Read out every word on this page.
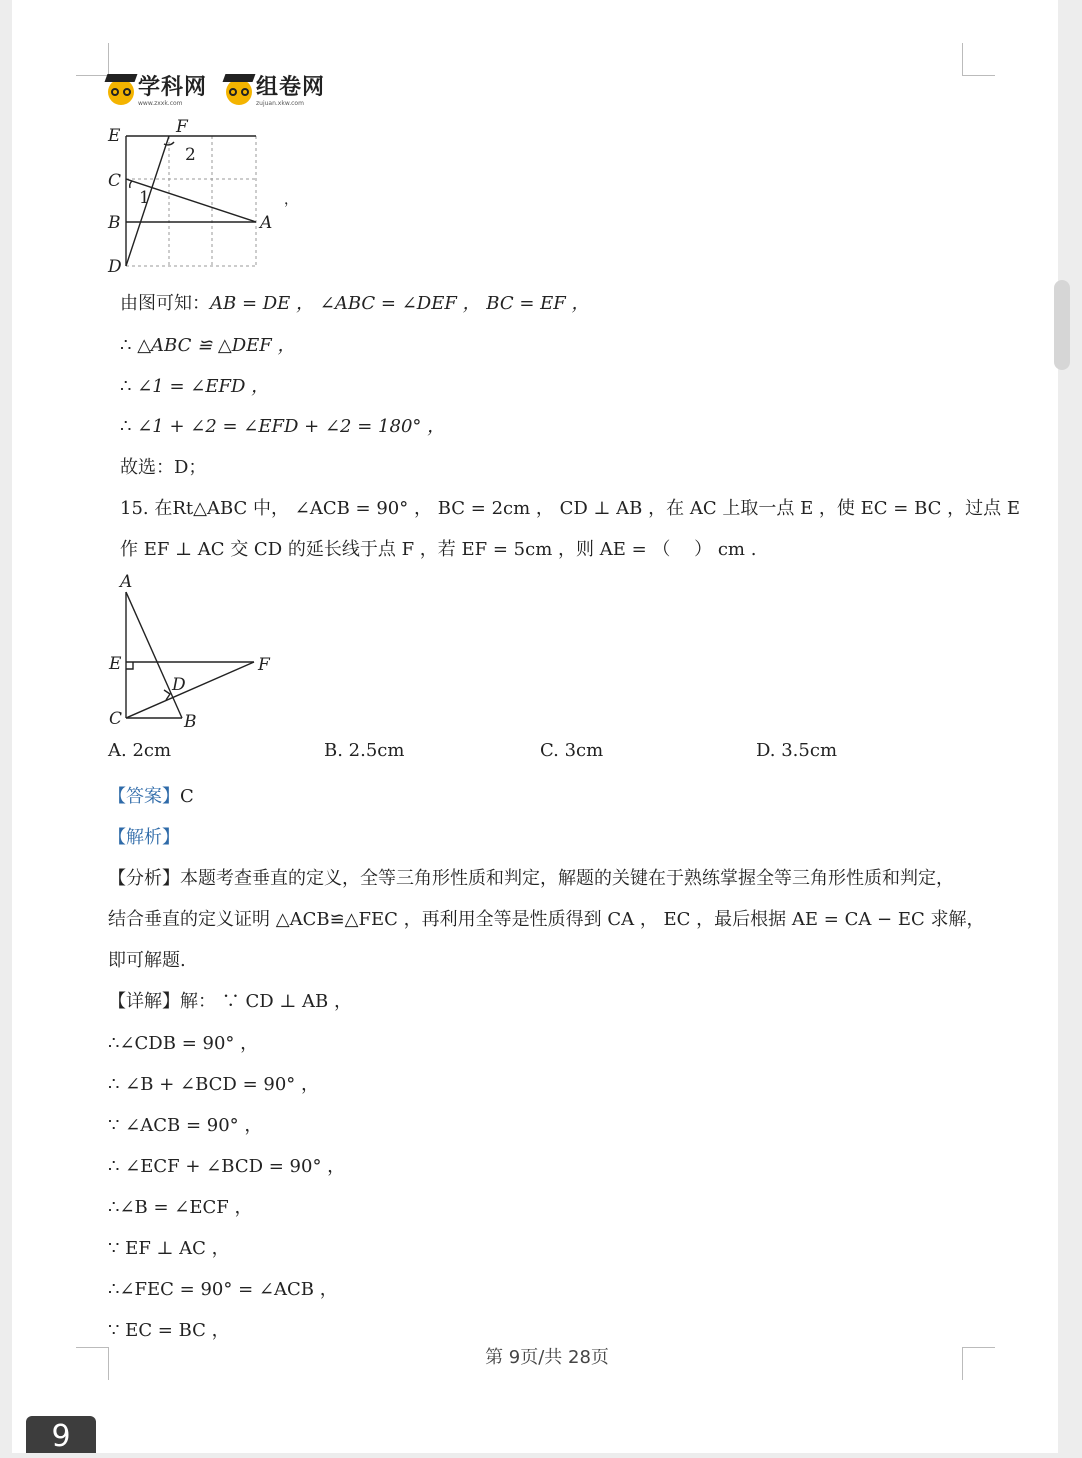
学科网
www.zxxk.com
组卷网
zujuan.xkw.com
E	F
2
C
1
B	A
D
，
由图可知：AB = DE ， ∠ABC = ∠DEF ， BC = EF ，
∴ △ABC ≌ △DEF ，
∴ ∠1 = ∠EFD ，
∴ ∠1 + ∠2 = ∠EFD + ∠2 = 180° ，
故选：D；
15. 在Rt△ABC 中， ∠ACB = 90° ， BC = 2cm ， CD ⊥ AB ，在 AC 上取一点 E ，使 EC = BC ，过点 E
作 EF ⊥ AC 交 CD 的延长线于点 F ，若 EF = 5cm ，则 AE = （　 ） cm .
A
E	F
D
C	B
A. 2cm	B. 2.5cm	C. 3cm	D. 3.5cm
【答案】C
【解析】
【分析】本题考查垂直的定义，全等三角形性质和判定，解题的关键在于熟练掌握全等三角形性质和判定，
结合垂直的定义证明 △ACB≌△FEC ，再利用全等是性质得到 CA ， EC ，最后根据 AE = CA − EC 求解，
即可解题.
【详解】解： ∵ CD ⊥ AB ，
∴∠CDB = 90° ，
∴ ∠B + ∠BCD = 90° ，
∵ ∠ACB = 90° ，
∴ ∠ECF + ∠BCD = 90° ，
∴∠B = ∠ECF ，
∵ EF ⊥ AC ，
∴∠FEC = 90° = ∠ACB ，
∵ EC = BC ，
第 9页/共 28页
9
